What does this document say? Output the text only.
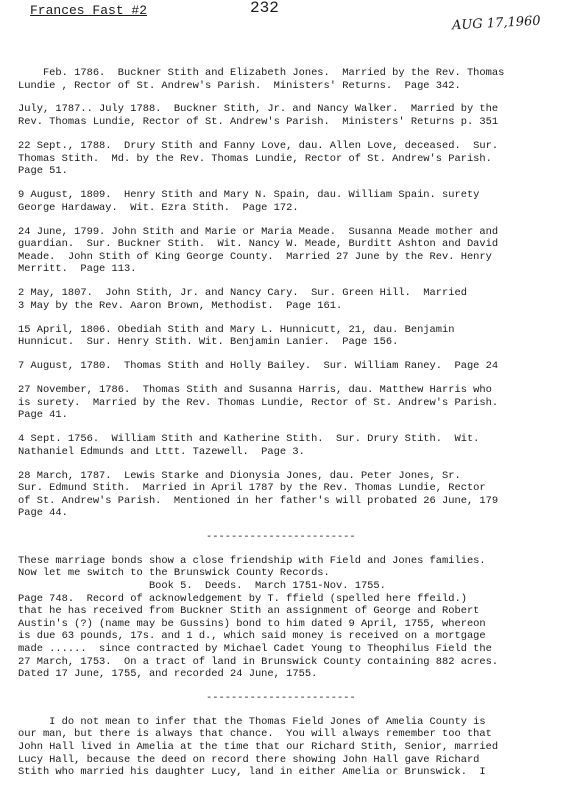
Frances Fast #2	232
AUG 17,1960
Feb. 1786.  Buckner Stith and Elizabeth Jones.  Married by the Rev. Thomas
Lundie , Rector of St. Andrew's Parish.  Ministers' Returns.  Page 342.
July, 1787.. July 1788.  Buckner Stith, Jr. and Nancy Walker.  Married by the
Rev. Thomas Lundie, Rector of St. Andrew's Parish.  Ministers' Returns p. 351
22 Sept., 1788.  Drury Stith and Fanny Love, dau. Allen Love, deceased.  Sur.
Thomas Stith.  Md. by the Rev. Thomas Lundie, Rector of St. Andrew's Parish.
Page 51.
9 August, 1809.  Henry Stith and Mary N. Spain, dau. William Spain. surety
George Hardaway.  Wit. Ezra Stith.  Page 172.
24 June, 1799. John Stith and Marie or Maria Meade.  Susanna Meade mother and
guardian.  Sur. Buckner Stith.  Wit. Nancy W. Meade, Burditt Ashton and David
Meade.  John Stith of King George County.  Married 27 June by the Rev. Henry
Merritt.  Page 113.
2 May, 1807.  John Stith, Jr. and Nancy Cary.  Sur. Green Hill.  Married
3 May by the Rev. Aaron Brown, Methodist.  Page 161.
15 April, 1806. Obediah Stith and Mary L. Hunnicutt, 21, dau. Benjamin
Hunnicut.  Sur. Henry Stith. Wit. Benjamin Lanier.  Page 156.
7 August, 1780.  Thomas Stith and Holly Bailey.  Sur. William Raney.  Page 24
27 November, 1786.  Thomas Stith and Susanna Harris, dau. Matthew Harris who
is surety.  Married by the Rev. Thomas Lundie, Rector of St. Andrew's Parish.
Page 41.
4 Sept. 1756.  William Stith and Katherine Stith.  Sur. Drury Stith.  Wit.
Nathaniel Edmunds and Lttt. Tazewell.  Page 3.
28 March, 1787.  Lewis Starke and Dionysia Jones, dau. Peter Jones, Sr.
Sur. Edmund Stith.  Married in April 1787 by the Rev. Thomas Lundie, Rector
of St. Andrew's Parish.  Mentioned in her father's will probated 26 June, 179
Page 44.
------------------------
These marriage bonds show a close friendship with Field and Jones families.
Now let me switch to the Brunswick County Records.
Book 5.  Deeds.  March 1751-Nov. 1755.
Page 748.  Record of acknowledgement by T. ffield (spelled here ffeild.)
that he has received from Buckner Stith an assignment of George and Robert
Austin's (?) (name may be Gussins) bond to him dated 9 April, 1755, whereon
is due 63 pounds, 17s. and 1 d., which said money is received on a mortgage
made ......  since contracted by Michael Cadet Young to Theophilus Field the
27 March, 1753.  On a tract of land in Brunswick County containing 882 acres.
Dated 17 June, 1755, and recorded 24 June, 1755.
------------------------
I do not mean to infer that the Thomas Field Jones of Amelia County is
our man, but there is always that chance.  You will always remember too that
John Hall lived in Amelia at the time that our Richard Stith, Senior, married
Lucy Hall, because the deed on record there showing John Hall gave Richard
Stith who married his daughter Lucy, land in either Amelia or Brunswick.  I
